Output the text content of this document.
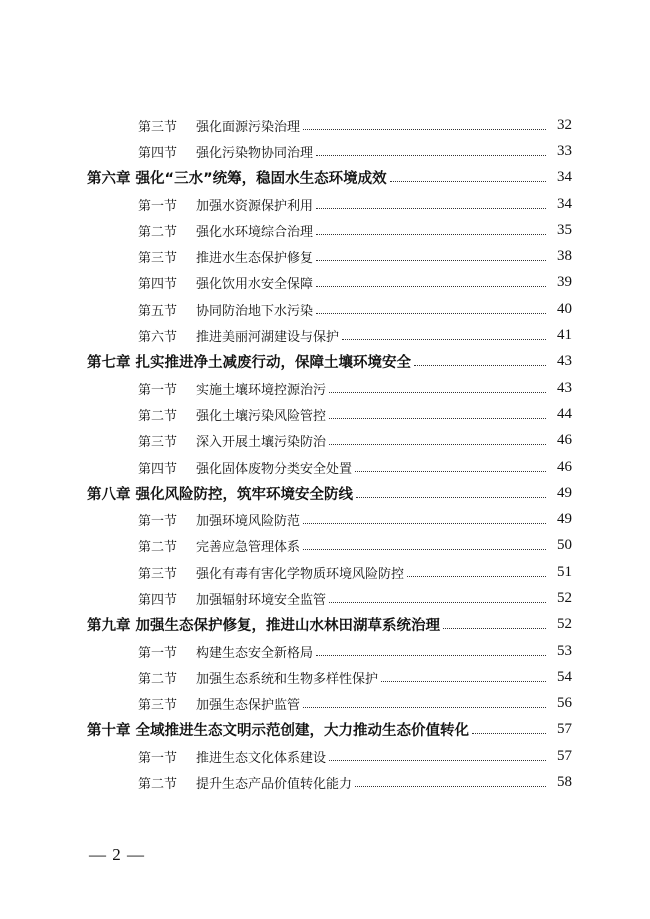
第三节	强化面源污染治理	32
第四节	强化污染物协同治理	33
第六章 强化“三水”统筹，稳固水生态环境成效	34
第一节	加强水资源保护利用	34
第二节	强化水环境综合治理	35
第三节	推进水生态保护修复	38
第四节	强化饮用水安全保障	39
第五节	协同防治地下水污染	40
第六节	推进美丽河湖建设与保护	41
第七章 扎实推进净土减废行动，保障土壤环境安全	43
第一节	实施土壤环境控源治污	43
第二节	强化土壤污染风险管控	44
第三节	深入开展土壤污染防治	46
第四节	强化固体废物分类安全处置	46
第八章 强化风险防控，筑牢环境安全防线	49
第一节	加强环境风险防范	49
第二节	完善应急管理体系	50
第三节	强化有毒有害化学物质环境风险防控	51
第四节	加强辐射环境安全监管	52
第九章 加强生态保护修复，推进山水林田湖草系统治理	52
第一节	构建生态安全新格局	53
第二节	加强生态系统和生物多样性保护	54
第三节	加强生态保护监管	56
第十章 全域推进生态文明示范创建，大力推动生态价值转化	57
第一节	推进生态文化体系建设	57
第二节	提升生态产品价值转化能力	58
— 2 —
